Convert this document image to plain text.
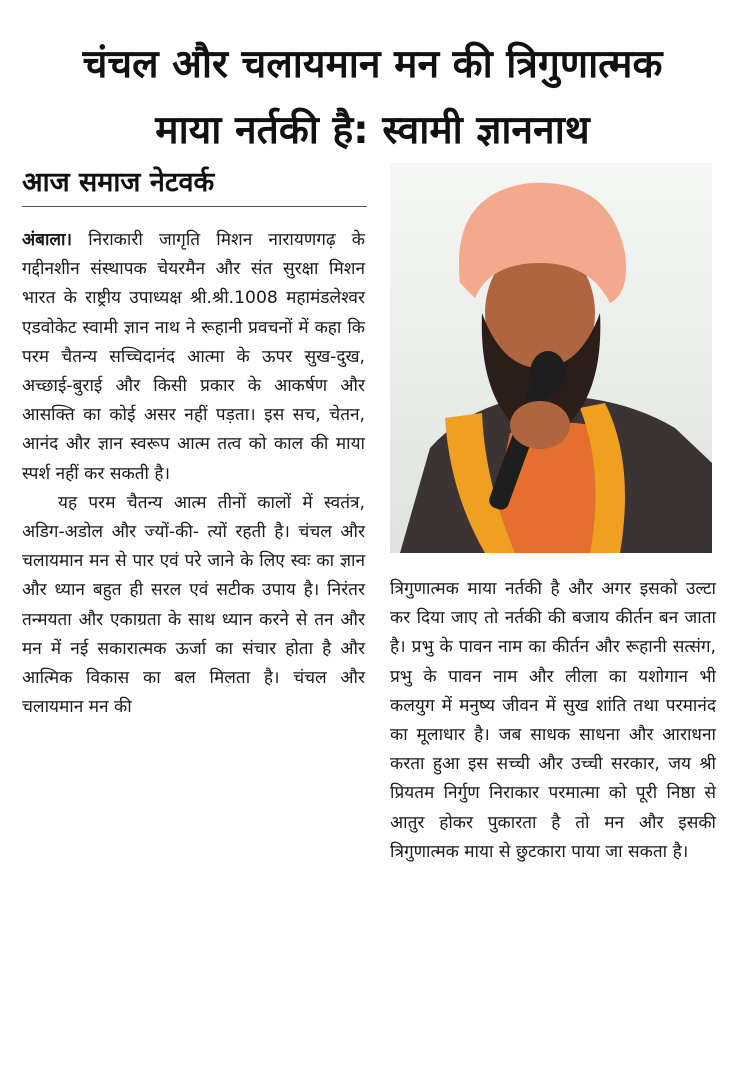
चंचल और चलायमान मन की त्रिगुणात्मक
माया नर्तकी है: स्वामी ज्ञाननाथ
आज समाज नेटवर्क

अंबाला। निराकारी जागृति मिशन नारायणगढ़ के गद्दीनशीन संस्थापक चेयरमैन और संत सुरक्षा मिशन भारत के राष्ट्रीय उपाध्यक्ष श्री.श्री.1008 महामंडलेश्वर एडवोकेट स्वामी ज्ञान नाथ ने रूहानी प्रवचनों में कहा कि परम चैतन्य सच्चिदानंद आत्मा के ऊपर सुख-दुख, अच्छाई-बुराई और किसी प्रकार के आकर्षण और आसक्ति का कोई असर नहीं पड़ता। इस सच, चेतन, आनंद और ज्ञान स्वरूप आत्म तत्व को काल की माया स्पर्श नहीं कर सकती है।

यह परम चैतन्य आत्म तीनों कालों में स्वतंत्र, अडिग-अडोल और ज्यों-की- त्यों रहती है। चंचल और चलायमान मन से पार एवं परे जाने के लिए स्वः का ज्ञान और ध्यान बहुत ही सरल एवं सटीक उपाय है। निरंतर तन्मयता और एकाग्रता के साथ ध्यान करने से तन और मन में नई सकारात्मक ऊर्जा का संचार होता है और आत्मिक विकास का बल मिलता है। चंचल और चलायमान मन की

त्रिगुणात्मक माया नर्तकी है और अगर इसको उल्टा कर दिया जाए तो नर्तकी की बजाय कीर्तन बन जाता है। प्रभु के पावन नाम का कीर्तन और रूहानी सत्संग, प्रभु के पावन नाम और लीला का यशोगान भी कलयुग में मनुष्य जीवन में सुख शांति तथा परमानंद का मूलाधार है। जब साधक साधना और आराधना करता हुआ इस सच्ची और उच्ची सरकार, जय श्री प्रियतम निर्गुण निराकार परमात्मा को पूरी निष्ठा से आतुर होकर पुकारता है तो मन और इसकी त्रिगुणात्मक माया से छुटकारा पाया जा सकता है।
